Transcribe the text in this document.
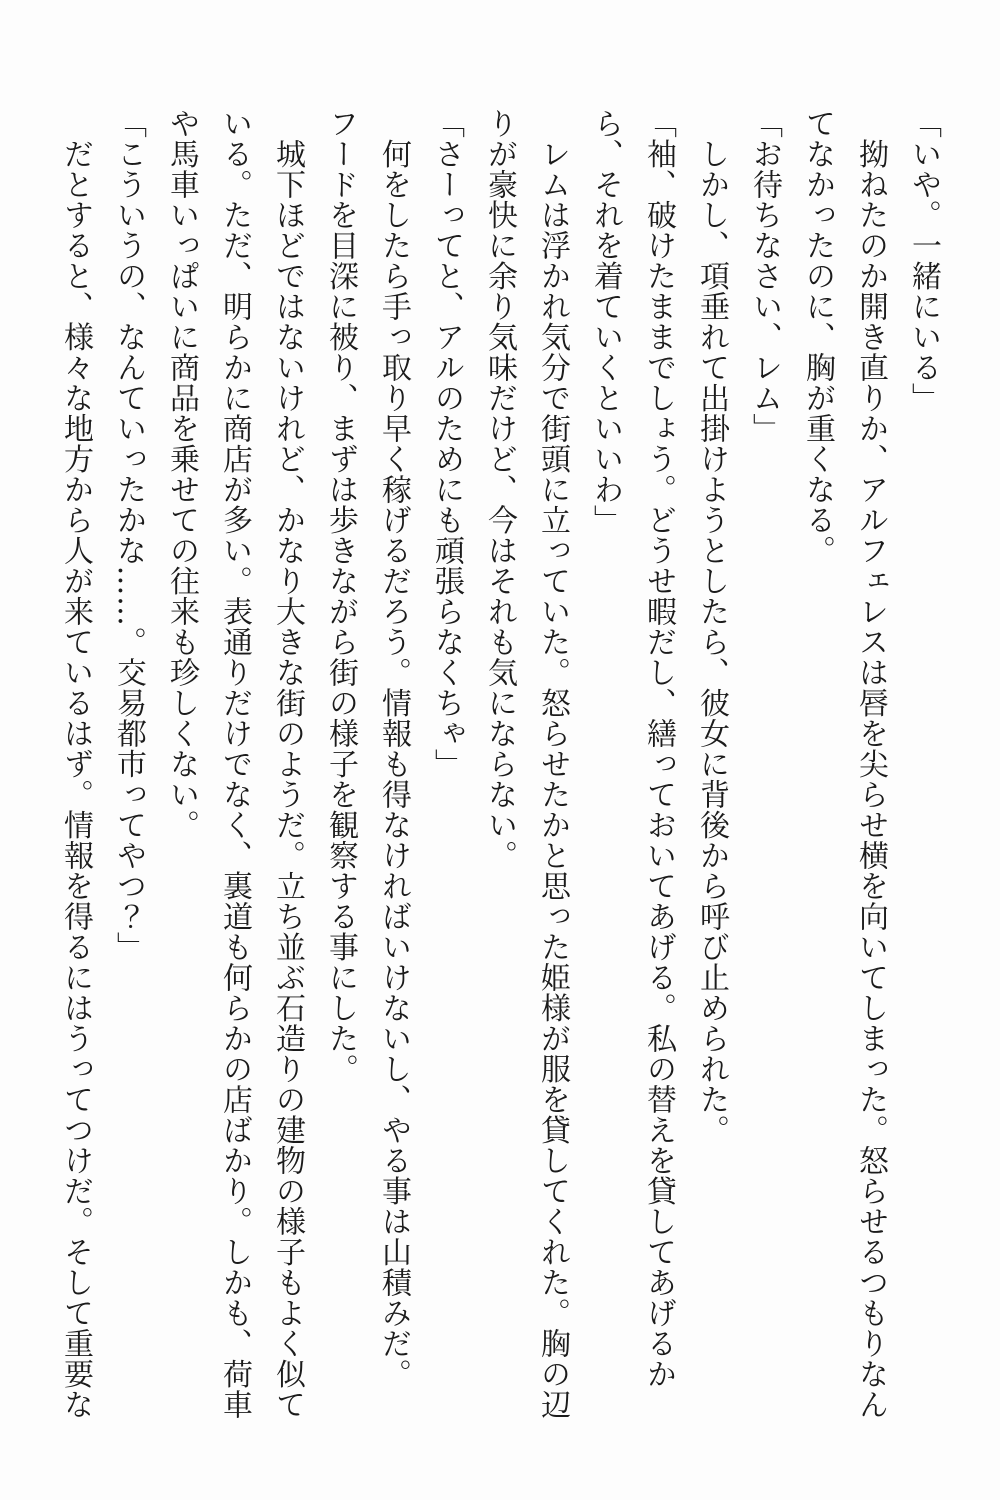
「いや。一緒にいる」

　拗ねたのか開き直りか、アルフェレスは唇を尖らせ横を向いてしまった。怒らせるつもりなん

てなかったのに、胸が重くなる。

「お待ちなさい、レム」

　しかし、項垂れて出掛けようとしたら、彼女に背後から呼び止められた。

「袖、破けたままでしょう。どうせ暇だし、繕っておいてあげる。私の替えを貸してあげるか

ら、それを着ていくといいわ」

　レムは浮かれ気分で街頭に立っていた。怒らせたかと思った姫様が服を貸してくれた。胸の辺

りが豪快に余り気味だけど、今はそれも気にならない。

「さーってと、アルのためにも頑張らなくちゃ」

　何をしたら手っ取り早く稼げるだろう。情報も得なければいけないし、やる事は山積みだ。

フードを目深に被り、まずは歩きながら街の様子を観察する事にした。

　城下ほどではないけれど、かなり大きな街のようだ。立ち並ぶ石造りの建物の様子もよく似て

いる。ただ、明らかに商店が多い。表通りだけでなく、裏道も何らかの店ばかり。しかも、荷車

や馬車いっぱいに商品を乗せての往来も珍しくない。

「こういうの、なんていったかな……。交易都市ってやつ？」

　だとすると、様々な地方から人が来ているはず。情報を得るにはうってつけだ。そして重要な
